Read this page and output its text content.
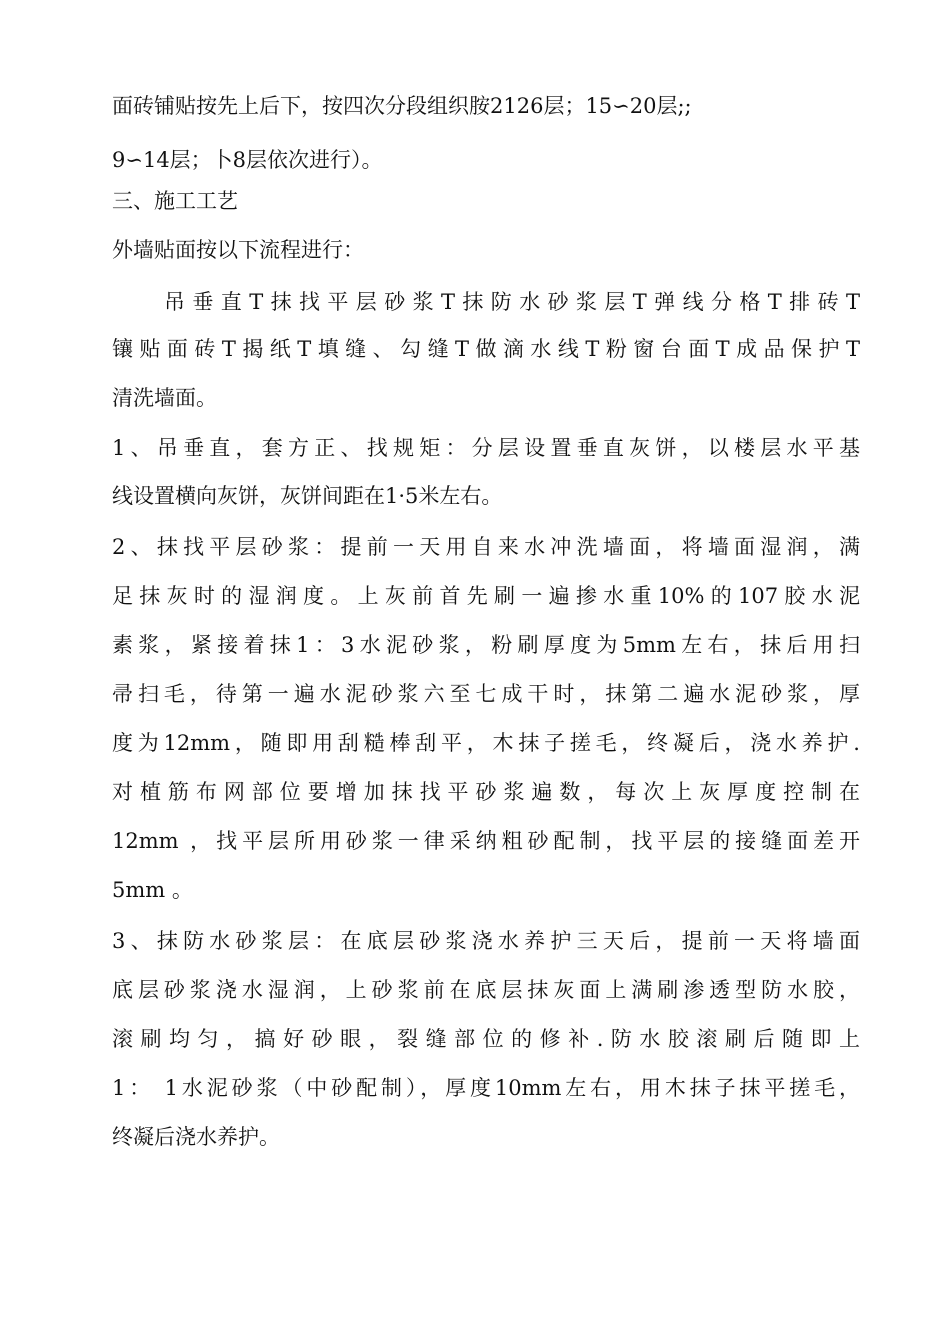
面砖铺贴按先上后下，按四次分段组织胺2126层；15∽20层;;
9∽14层；卜8层依次进行）。
三、施工工艺
外墙贴面按以下流程进行：
吊垂直T抹找平层砂浆T抹防水砂浆层T弹线分格T排砖T
镶贴面砖T揭纸T填缝、勾缝T做滴水线T粉窗台面T成品保护T
清洗墙面。
1、吊垂直，套方正、找规矩：分层设置垂直灰饼，以楼层水平基
线设置横向灰饼，灰饼间距在1·5米左右。
2、抹找平层砂浆：提前一天用自来水冲洗墙面，将墙面湿润，满
足抹灰时的湿润度。上灰前首先刷一遍掺水重10%的107胶水泥
素浆，紧接着抹1：3水泥砂浆，粉刷厚度为5mm左右，抹后用扫
帚扫毛，待第一遍水泥砂浆六至七成干时，抹第二遍水泥砂浆，厚
度为12mm，随即用刮糙棒刮平，木抹子搓毛，终凝后，浇水养护.
对植筋布网部位要增加抹找平砂浆遍数，每次上灰厚度控制在
12mm ，找平层所用砂浆一律采纳粗砂配制，找平层的接缝面差开
5mm 。
3、抹防水砂浆层：在底层砂浆浇水养护三天后，提前一天将墙面
底层砂浆浇水湿润，上砂浆前在底层抹灰面上满刷渗透型防水胶，
滚刷均匀，搞好砂眼，裂缝部位的修补.防水胶滚刷后随即上
1： 1水泥砂浆（中砂配制），厚度10mm左右，用木抹子抹平搓毛，
终凝后浇水养护。
